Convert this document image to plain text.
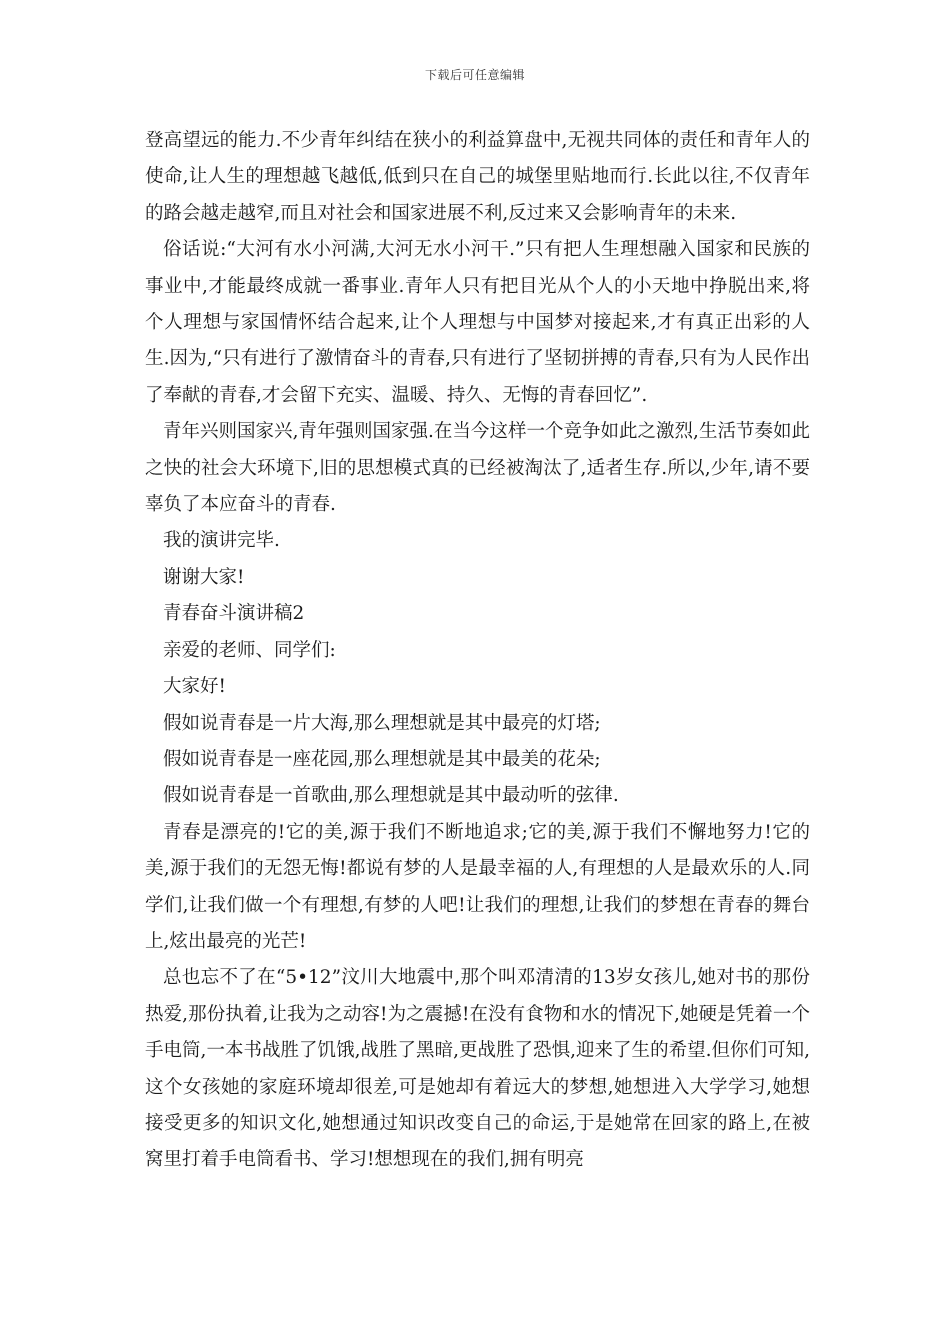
下载后可任意编辑

登高望远的能力.不少青年纠结在狭小的利益算盘中,无视共同体的责任和青年人的使命,让人生的理想越飞越低,低到只在自己的城堡里贴地而行.长此以往,不仅青年的路会越走越窄,而且对社会和国家进展不利,反过来又会影响青年的未来.

俗话说:“大河有水小河满,大河无水小河干.”只有把人生理想融入国家和民族的事业中,才能最终成就一番事业.青年人只有把目光从个人的小天地中挣脱出来,将个人理想与家国情怀结合起来,让个人理想与中国梦对接起来,才有真正出彩的人生.因为,“只有进行了激情奋斗的青春,只有进行了坚韧拼搏的青春,只有为人民作出了奉献的青春,才会留下充实、温暖、持久、无悔的青春回忆”.

青年兴则国家兴,青年强则国家强.在当今这样一个竞争如此之激烈,生活节奏如此之快的社会大环境下,旧的思想模式真的已经被淘汰了,适者生存.所以,少年,请不要辜负了本应奋斗的青春.

我的演讲完毕.

谢谢大家!

青春奋斗演讲稿2

亲爱的老师、同学们:

大家好!

假如说青春是一片大海,那么理想就是其中最亮的灯塔;

假如说青春是一座花园,那么理想就是其中最美的花朵;

假如说青春是一首歌曲,那么理想就是其中最动听的弦律.

青春是漂亮的!它的美,源于我们不断地追求;它的美,源于我们不懈地努力!它的美,源于我们的无怨无悔!都说有梦的人是最幸福的人,有理想的人是最欢乐的人.同学们,让我们做一个有理想,有梦的人吧!让我们的理想,让我们的梦想在青春的舞台上,炫出最亮的光芒!

总也忘不了在“5•12”汶川大地震中,那个叫邓清清的13岁女孩儿,她对书的那份热爱,那份执着,让我为之动容!为之震撼!在没有食物和水的情况下,她硬是凭着一个手电筒,一本书战胜了饥饿,战胜了黑暗,更战胜了恐惧,迎来了生的希望.但你们可知,这个女孩她的家庭环境却很差,可是她却有着远大的梦想,她想进入大学学习,她想接受更多的知识文化,她想通过知识改变自己的命运,于是她常在回家的路上,在被窝里打着手电筒看书、学习!想想现在的我们,拥有明亮
